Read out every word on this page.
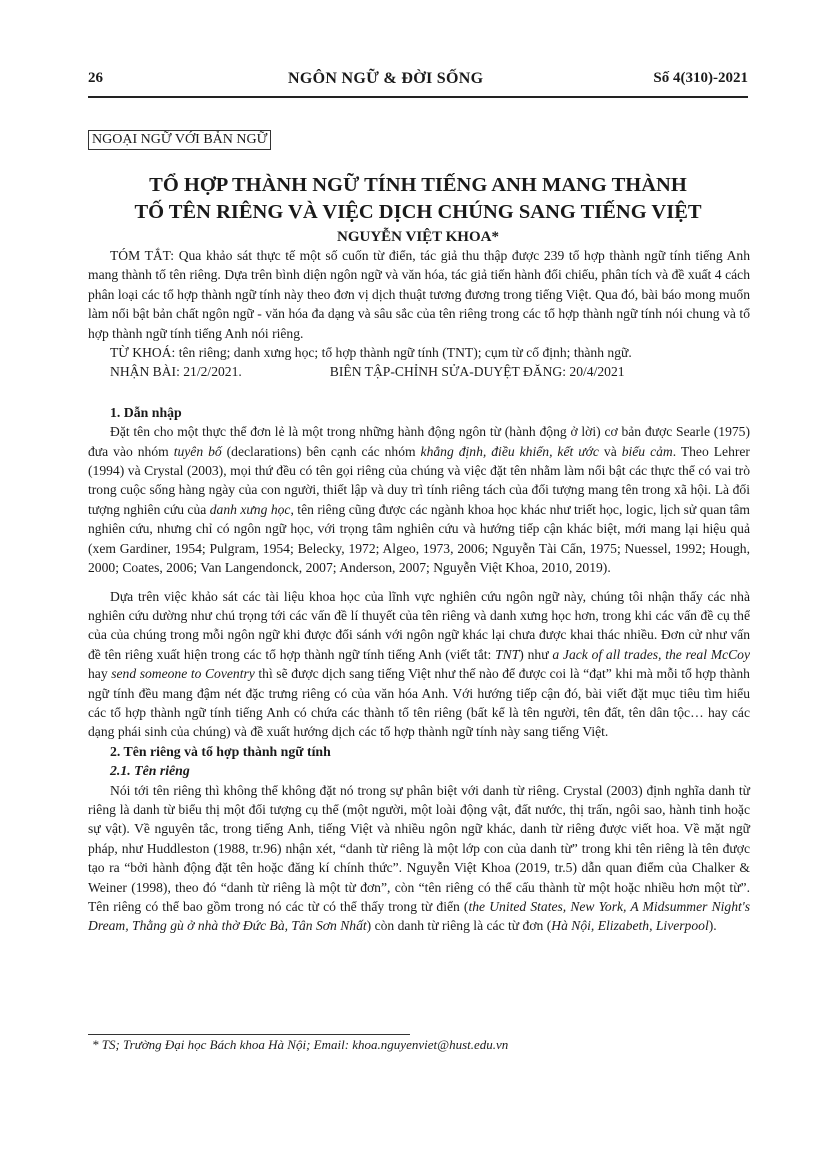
26	NGÔN NGỮ & ĐỜI SỐNG	Số 4(310)-2021
NGOẠI NGỮ VỚI BẢN NGỮ
TỔ HỢP THÀNH NGỮ TÍNH TIẾNG ANH MANG THÀNH
TỐ TÊN RIÊNG VÀ VIỆC DỊCH CHÚNG SANG TIẾNG VIỆT
NGUYỄN VIỆT KHOA*

TÓM TẮT: Qua khảo sát thực tế một số cuốn từ điển, tác giả thu thập được 239 tổ hợp thành ngữ tính tiếng Anh mang thành tố tên riêng. Dựa trên bình diện ngôn ngữ và văn hóa, tác giả tiến hành đối chiếu, phân tích và đề xuất 4 cách phân loại các tổ hợp thành ngữ tính này theo đơn vị dịch thuật tương đương trong tiếng Việt. Qua đó, bài báo mong muốn làm nổi bật bản chất ngôn ngữ - văn hóa đa dạng và sâu sắc của tên riêng trong các tổ hợp thành ngữ tính nói chung và tổ hợp thành ngữ tính tiếng Anh nói riêng.

TỪ KHOÁ: tên riêng; danh xưng học; tổ hợp thành ngữ tính (TNT); cụm từ cố định; thành ngữ.

NHẬN BÀI: 21/2/2021.	BIÊN TẬP-CHỈNH SỬA-DUYỆT ĐĂNG: 20/4/2021
1. Dẫn nhập

Đặt tên cho một thực thể đơn lẻ là một trong những hành động ngôn từ (hành động ở lời) cơ bản được Searle (1975) đưa vào nhóm tuyên bố (declarations) bên cạnh các nhóm khẳng định, điều khiển, kết ước và biểu cảm. Theo Lehrer (1994) và Crystal (2003), mọi thứ đều có tên gọi riêng của chúng và việc đặt tên nhằm làm nổi bật các thực thể có vai trò trong cuộc sống hàng ngày của con người, thiết lập và duy trì tính riêng tách của đối tượng mang tên trong xã hội. Là đối tượng nghiên cứu của danh xưng học, tên riêng cũng được các ngành khoa học khác như triết học, logic, lịch sử quan tâm nghiên cứu, nhưng chỉ có ngôn ngữ học, với trọng tâm nghiên cứu và hướng tiếp cận khác biệt, mới mang lại hiệu quả (xem Gardiner, 1954; Pulgram, 1954; Belecky, 1972; Algeo, 1973, 2006; Nguyễn Tài Cẩn, 1975; Nuessel, 1992; Hough, 2000; Coates, 2006; Van Langendonck, 2007; Anderson, 2007; Nguyễn Việt Khoa, 2010, 2019).

Dựa trên việc khảo sát các tài liệu khoa học của lĩnh vực nghiên cứu ngôn ngữ này, chúng tôi nhận thấy các nhà nghiên cứu dường như chú trọng tới các vấn đề lí thuyết của tên riêng và danh xưng học hơn, trong khi các vấn đề cụ thể của của chúng trong mỗi ngôn ngữ khi được đối sánh với ngôn ngữ khác lại chưa được khai thác nhiều. Đơn cử như vấn đề tên riêng xuất hiện trong các tổ hợp thành ngữ tính tiếng Anh (viết tắt: TNT) như a Jack of all trades, the real McCoy hay send someone to Coventry thì sẽ được dịch sang tiếng Việt như thế nào để được coi là “đạt” khi mà mỗi tổ hợp thành ngữ tính đều mang đậm nét đặc trưng riêng có của văn hóa Anh. Với hướng tiếp cận đó, bài viết đặt mục tiêu tìm hiểu các tổ hợp thành ngữ tính tiếng Anh có chứa các thành tố tên riêng (bất kể là tên người, tên đất, tên dân tộc… hay các dạng phái sinh của chúng) và đề xuất hướng dịch các tổ hợp thành ngữ tính này sang tiếng Việt.

2. Tên riêng và tổ hợp thành ngữ tính
2.1. Tên riêng

Nói tới tên riêng thì không thể không đặt nó trong sự phân biệt với danh từ riêng. Crystal (2003) định nghĩa danh từ riêng là danh từ biểu thị một đối tượng cụ thể (một người, một loài động vật, đất nước, thị trấn, ngôi sao, hành tinh hoặc sự vật). Về nguyên tắc, trong tiếng Anh, tiếng Việt và nhiều ngôn ngữ khác, danh từ riêng được viết hoa. Về mặt ngữ pháp, như Huddleston (1988, tr.96) nhận xét, “danh từ riêng là một lớp con của danh từ” trong khi tên riêng là tên được tạo ra “bởi hành động đặt tên hoặc đăng kí chính thức”. Nguyễn Việt Khoa (2019, tr.5) dẫn quan điểm của Chalker & Weiner (1998), theo đó “danh từ riêng là một từ đơn”, còn “tên riêng có thể cấu thành từ một hoặc nhiều hơn một từ”. Tên riêng có thể bao gồm trong nó các từ có thể thấy trong từ điển (the United States, New York, A Midsummer Night's Dream, Thằng gù ở nhà thờ Đức Bà, Tân Sơn Nhất) còn danh từ riêng là các từ đơn (Hà Nội, Elizabeth, Liverpool).

* TS; Trường Đại học Bách khoa Hà Nội; Email: khoa.nguyenviet@hust.edu.vn
